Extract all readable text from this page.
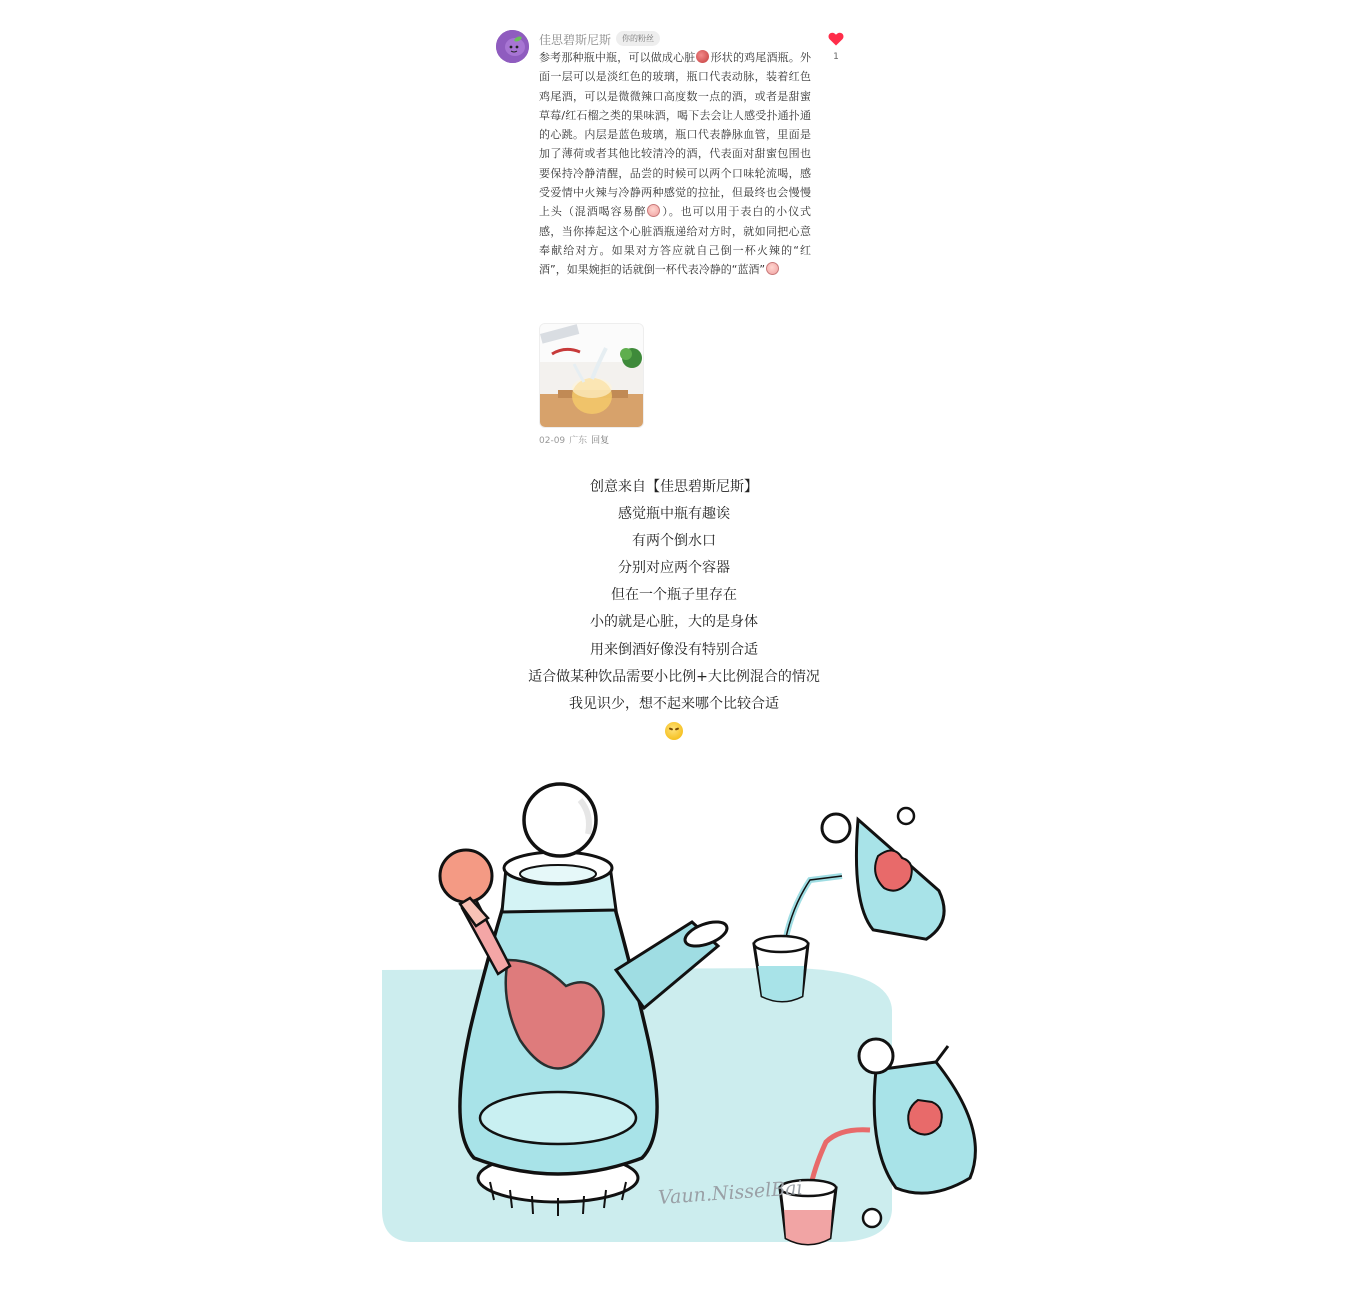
佳思碧斯尼斯	你的粉丝
1
参考那种瓶中瓶，可以做成心脏 形状的鸡尾酒瓶。外面一层可以是淡红色的玻璃，瓶口代表动脉，装着红色鸡尾酒，可以是微微辣口高度数一点的酒，或者是甜蜜草莓/红石榴之类的果味酒，喝下去会让人感受扑通扑通的心跳。内层是蓝色玻璃，瓶口代表静脉血管，里面是加了薄荷或者其他比较清冷的酒，代表面对甜蜜包围也要保持冷静清醒，品尝的时候可以两个口味轮流喝，感受爱情中火辣与冷静两种感觉的拉扯，但最终也会慢慢上头（混酒喝容易醉 ）。也可以用于表白的小仪式感，当你捧起这个心脏酒瓶递给对方时，就如同把心意奉献给对方。如果对方答应就自己倒一杯火辣的“红酒”，如果婉拒的话就倒一杯代表冷静的“蓝酒”
02-09 广东 回复
创意来自【佳思碧斯尼斯】
感觉瓶中瓶有趣诶
有两个倒水口
分别对应两个容器
但在一个瓶子里存在
小的就是心脏，大的是身体
用来倒酒好像没有特别合适
适合做某种饮品需要小比例+大比例混合的情况
我见识少，想不起来哪个比较合适
Vaun.NisselBai
